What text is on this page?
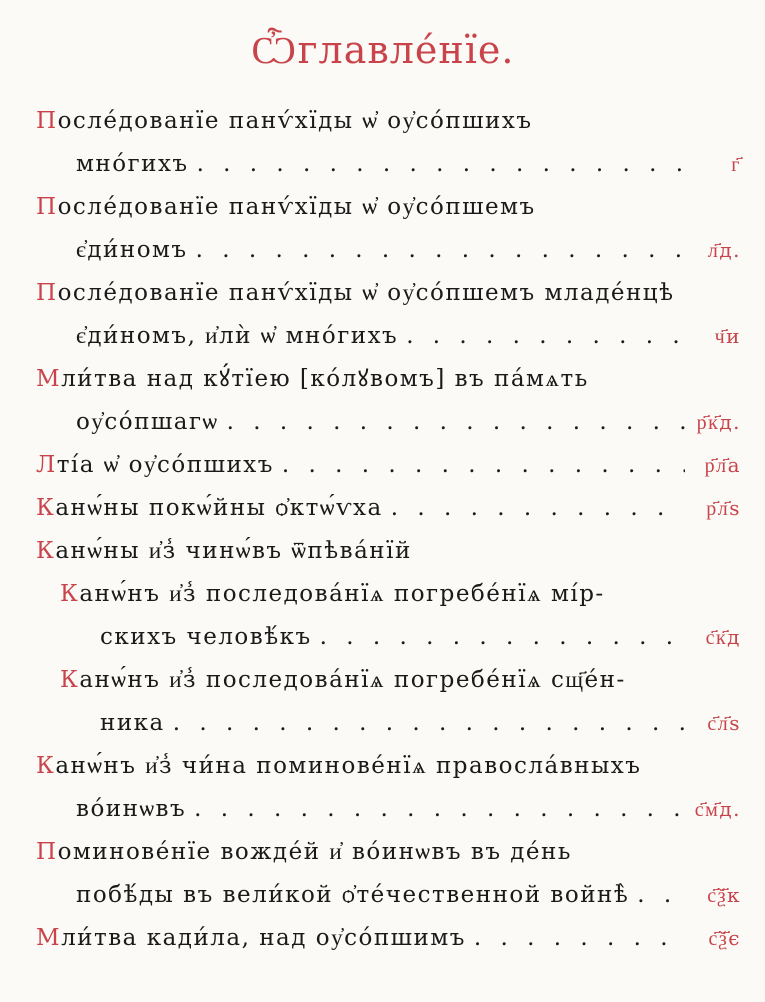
Ѽглавле́нїе.
После́дованїе панѵ́хїды ѡ҆ оу҆со́пшихъ
мно́гихъ . . .	г҃
После́дованїе панѵ́хїды ѡ҆ оу҆со́пшемъ
є҆ди́номъ . . .	л҃д.
После́дованїе панѵ́хїды ѡ҆ оу҆со́пшемъ младе́нцѣ
є҆ди́номъ, и҆лѝ ѡ҆ мно́гихъ . . .	ч҃и
Мли́тва над кꙋ́тїею [ко́лꙋвомъ] въ па́мѧть
оу҆со́пшагѡ . . .	р҃к҃д.
Лті́а ѡ҆ оу҆со́пшихъ . . .	р҃л҃а
Канѡ́ны покѡ́йны ѻ҆ктѡ́ѵха . . .	р҃л҃ѕ
Канѡ́ны и҆з̾ чинѡ́въ ѿпѣва́нїй
Канѡ́нъ и҆з̾ последова́нїѧ погребе́нїѧ мі́р-
скихъ человѣ́къ . . .	с҃к҃д
Канѡ́нъ и҆з̾ последова́нїѧ погребе́нїѧ сщ҃е́н-
ника . . .	с҃л҃ѕ
Канѡ́нъ и҆з̾ чи́на поминове́нїѧ правосла́вныхъ
во́инѡвъ . . .	с҃м҃д.
Поминове́нїе вожде́й и҆ во́инѡвъ въ де́нь
побѣ́ды въ вели́кой ѻ҆те́чественной войнѣ̀ . . .	с҃ѯ҃к
Мли́тва кади́ла, над оу҆со́пшимъ . . .	с҃ѯ҃є
